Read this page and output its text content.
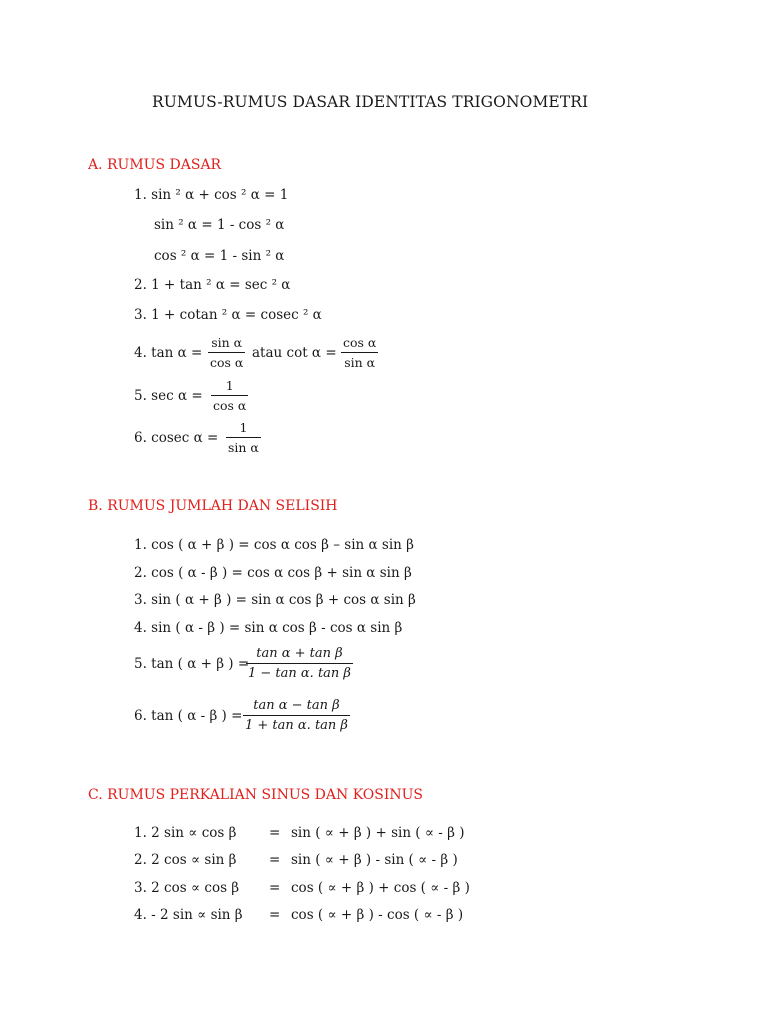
RUMUS-RUMUS DASAR IDENTITAS TRIGONOMETRI
A. RUMUS DASAR
1. sin ² α + cos ² α = 1
sin ² α = 1 - cos ² α
cos ² α = 1 - sin ² α
2. 1 + tan ² α = sec ² α
3. 1 + cotan ² α = cosec ² α
4. $\tan \alpha = \frac{\text{sin α}}{\text{cos α}}$ atau $\cot \alpha = \frac{\text{cos α}}{\text{sin α}}$
5. $\sec \alpha = \frac{1}{\text{cos α}}$
6. cosec $\alpha = \frac{1}{\text{sin α}}$
B. RUMUS JUMLAH DAN SELISIH
1. cos ( α + β ) = cos α cos β – sin α sin β
2. cos ( α - β ) = cos α cos β + sin α sin β
3. sin ( α + β ) = sin α cos β + cos α sin β
4. sin ( α - β ) = sin α cos β - cos α sin β
5. tan ( α + β ) =
$\frac{\text{tan α + tan β}}{\text{1 − tan α. tan β}}$
6. tan ( α - β ) = $\frac{\text{tan α − tan β}}{\text{1 + tan α. tan β}}$
C. RUMUS PERKALIAN SINUS DAN KOSINUS
1. 2 sin ∝ cos β = sin ( ∝ + β ) + sin ( ∝ - β )
2. 2 cos ∝ sin β = sin ( ∝ + β ) - sin ( ∝ - β )
3. 2 cos ∝ cos β = cos ( ∝ + β ) + cos ( ∝ - β )
4. - 2 sin ∝ sin β = cos ( ∝ + β ) - cos ( ∝ - β )
